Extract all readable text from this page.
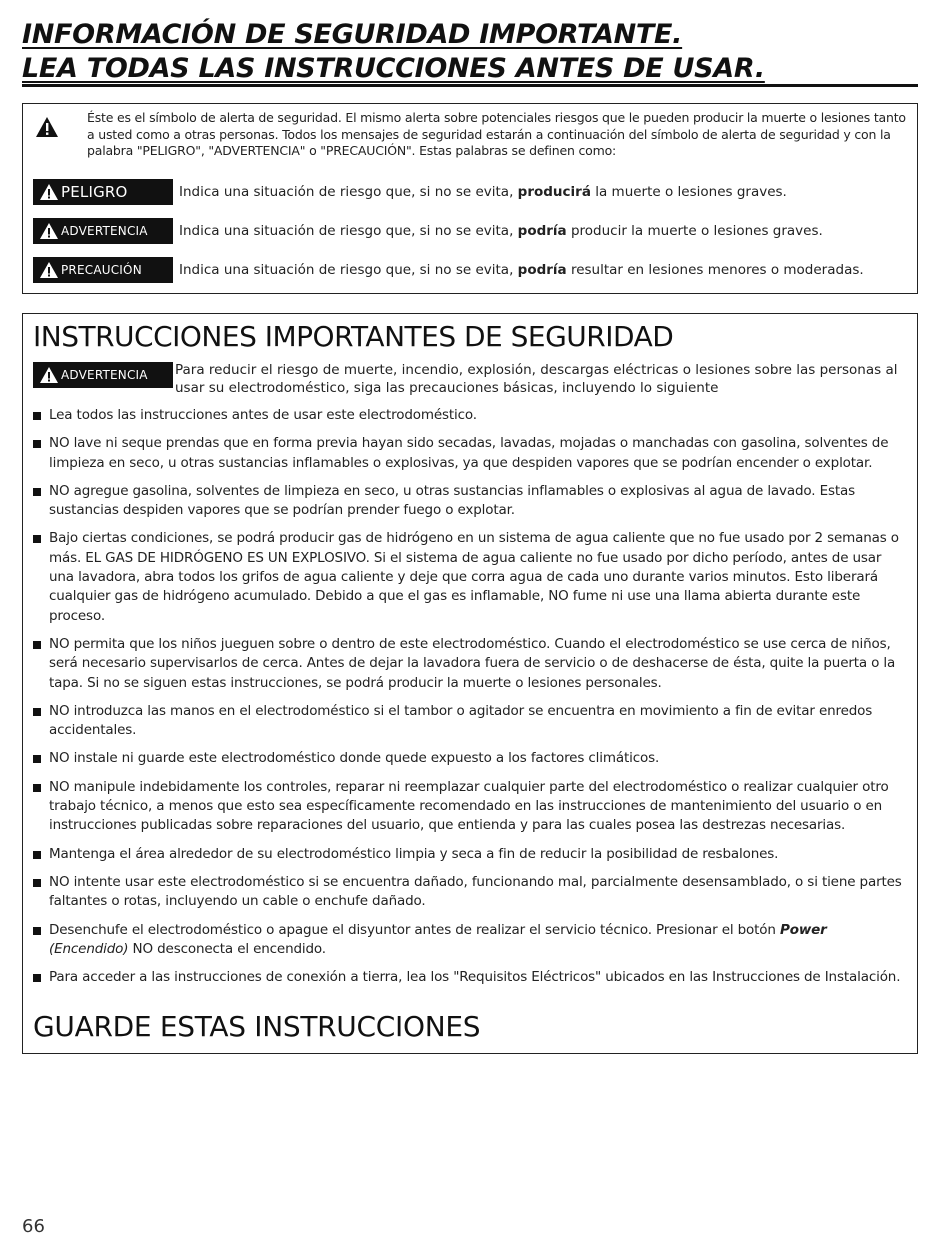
INFORMACIÓN DE SEGURIDAD IMPORTANTE.
LEA TODAS LAS INSTRUCCIONES ANTES DE USAR.
Éste es el símbolo de alerta de seguridad. El mismo alerta sobre potenciales riesgos que le pueden producir la muerte o lesiones tanto a usted como a otras personas. Todos los mensajes de seguridad estarán a continuación del símbolo de alerta de seguridad y con la palabra "PELIGRO", "ADVERTENCIA" o "PRECAUCIÓN". Estas palabras se definen como:
PELIGRO	Indica una situación de riesgo que, si no se evita, producirá la muerte o lesiones graves.
ADVERTENCIA Indica una situación de riesgo que, si no se evita, podría producir la muerte o lesiones graves.
PRECAUCIÓN	Indica una situación de riesgo que, si no se evita, podría resultar en lesiones menores o moderadas.
INSTRUCCIONES IMPORTANTES DE SEGURIDAD
ADVERTENCIA Para reducir el riesgo de muerte, incendio, explosión, descargas eléctricas o lesiones sobre las personas al usar su electrodoméstico, siga las precauciones básicas, incluyendo lo siguiente
Lea todos las instrucciones antes de usar este electrodoméstico.
NO lave ni seque prendas que en forma previa hayan sido secadas, lavadas, mojadas o manchadas con gasolina, solventes de limpieza en seco, u otras sustancias inflamables o explosivas, ya que despiden vapores que se podrían encender o explotar.
NO agregue gasolina, solventes de limpieza en seco, u otras sustancias inflamables o explosivas al agua de lavado. Estas sustancias despiden vapores que se podrían prender fuego o explotar.
Bajo ciertas condiciones, se podrá producir gas de hidrógeno en un sistema de agua caliente que no fue usado por 2 semanas o más. EL GAS DE HIDRÓGENO ES UN EXPLOSIVO. Si el sistema de agua caliente no fue usado por dicho período, antes de usar una lavadora, abra todos los grifos de agua caliente y deje que corra agua de cada uno durante varios minutos. Esto liberará cualquier gas de hidrógeno acumulado. Debido a que el gas es inflamable, NO fume ni use una llama abierta durante este proceso.
NO permita que los niños jueguen sobre o dentro de este electrodoméstico. Cuando el electrodoméstico se use cerca de niños, será necesario supervisarlos de cerca. Antes de dejar la lavadora fuera de servicio o de deshacerse de ésta, quite la puerta o la tapa. Si no se siguen estas instrucciones, se podrá producir la muerte o lesiones personales.
NO introduzca las manos en el electrodoméstico si el tambor o agitador se encuentra en movimiento a fin de evitar enredos accidentales.
NO instale ni guarde este electrodoméstico donde quede expuesto a los factores climáticos.
NO manipule indebidamente los controles, reparar ni reemplazar cualquier parte del electrodoméstico o realizar cualquier otro trabajo técnico, a menos que esto sea específicamente recomendado en las instrucciones de mantenimiento del usuario o en instrucciones publicadas sobre reparaciones del usuario, que entienda y para las cuales posea las destrezas necesarias.
Mantenga el área alrededor de su electrodoméstico limpia y seca a fin de reducir la posibilidad de resbalones.
NO intente usar este electrodoméstico si se encuentra dañado, funcionando mal, parcialmente desensamblado, o si tiene partes faltantes o rotas, incluyendo un cable o enchufe dañado.
Desenchufe el electrodoméstico o apague el disyuntor antes de realizar el servicio técnico. Presionar el botón Power (Encendido) NO desconecta el encendido.
Para acceder a las instrucciones de conexión a tierra, lea los "Requisitos Eléctricos" ubicados en las Instrucciones de Instalación.
GUARDE ESTAS INSTRUCCIONES
66
